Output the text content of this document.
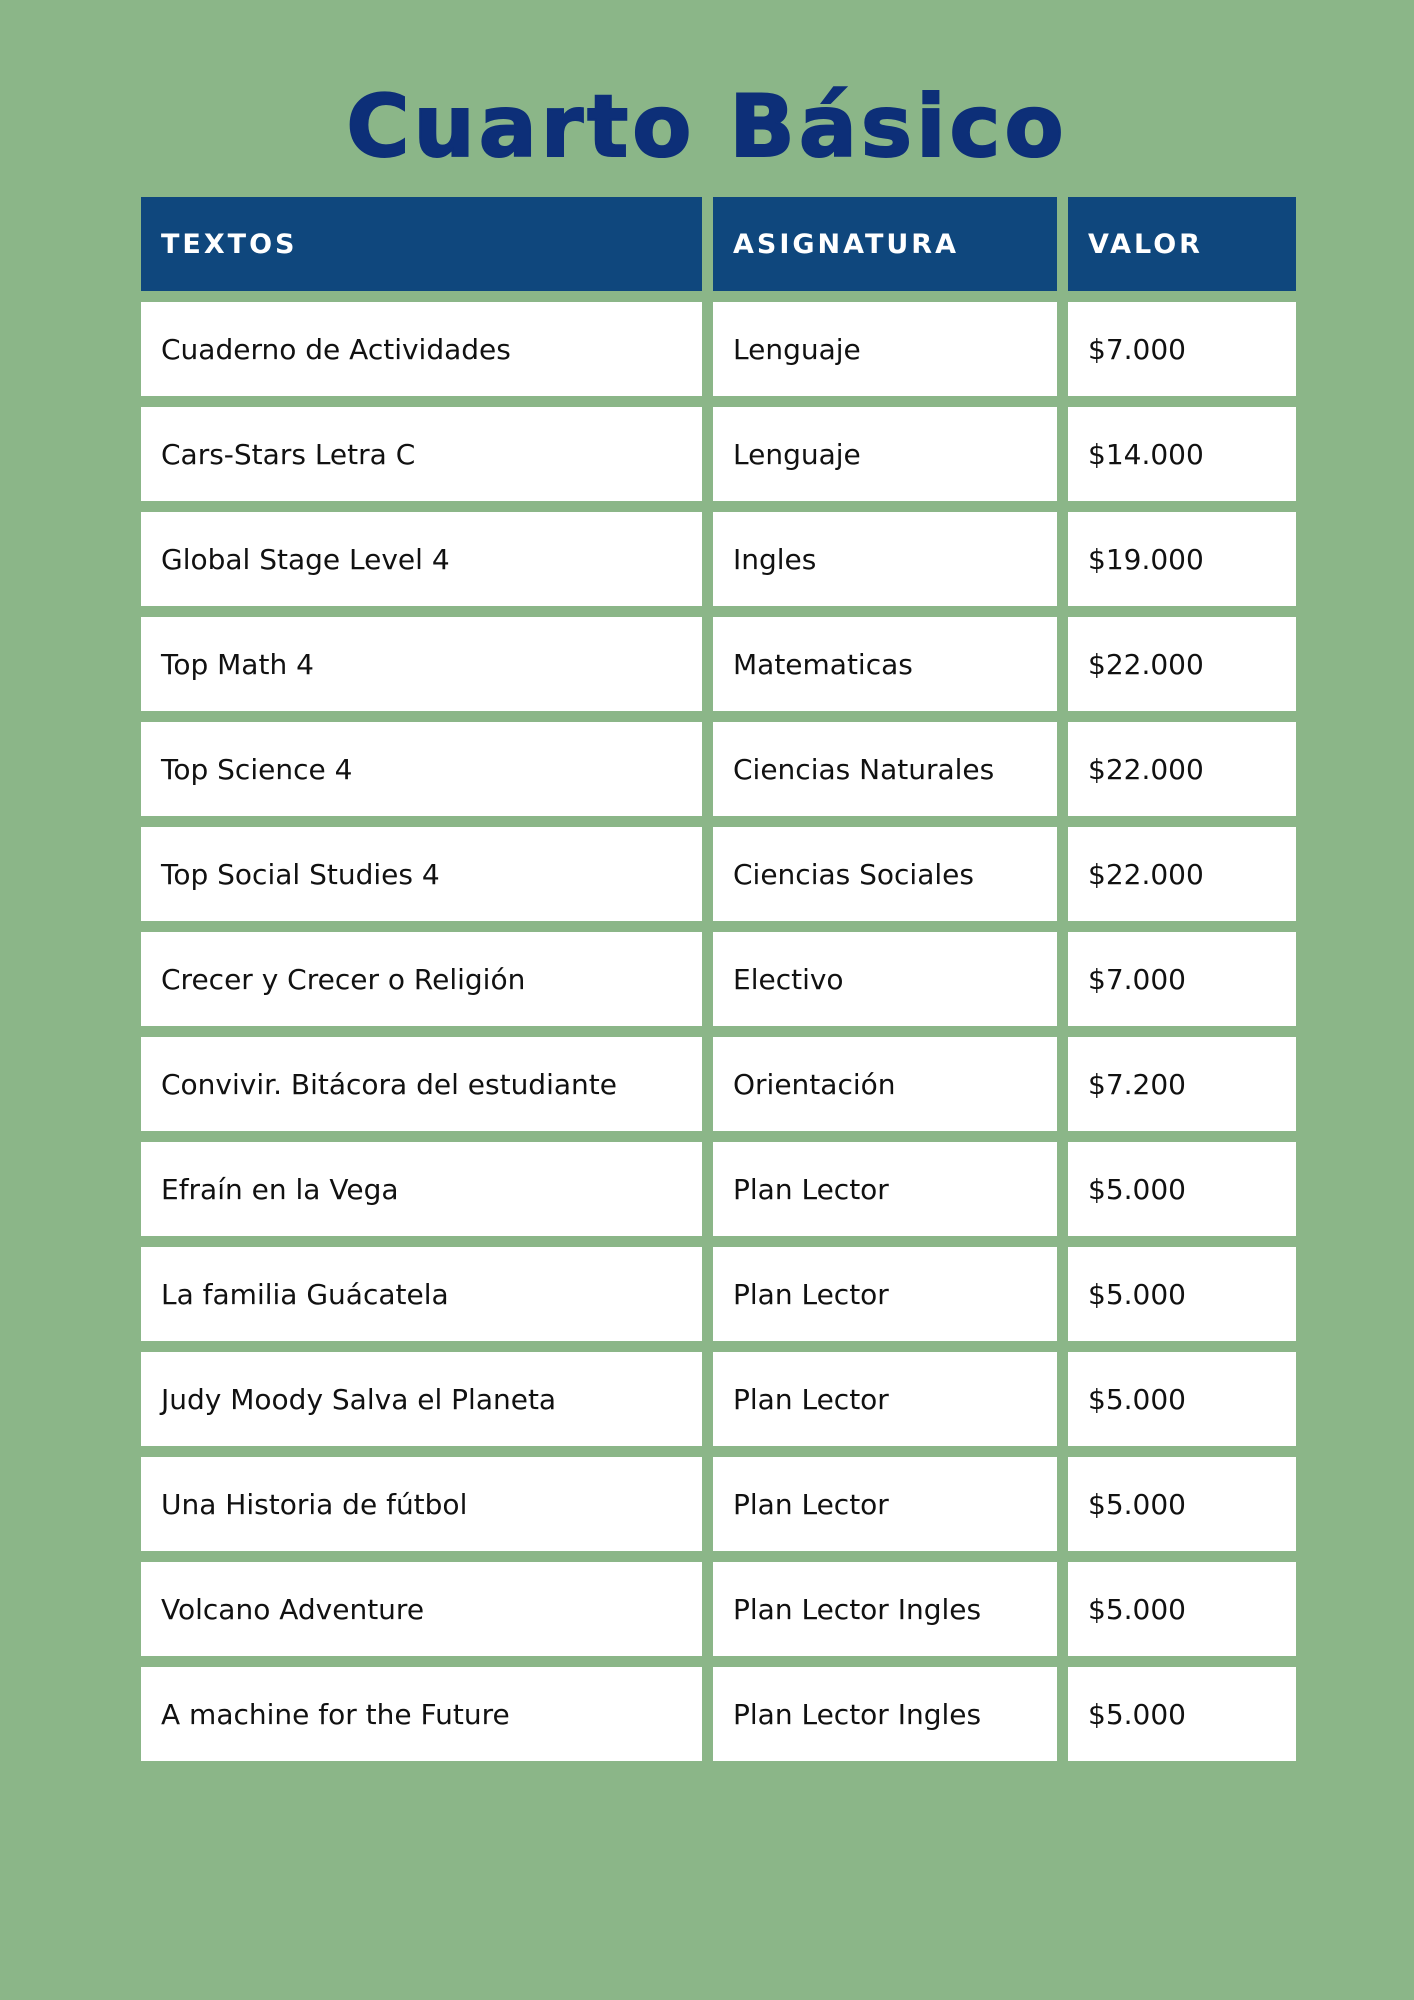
Cuarto Básico
TEXTOS	ASIGNATURA	VALOR
Cuaderno de Actividades	Lenguaje	$7.000
Cars-Stars Letra C	Lenguaje	$14.000
Global Stage Level 4	Ingles	$19.000
Top Math 4	Matematicas	$22.000
Top Science 4	Ciencias Naturales	$22.000
Top Social Studies 4	Ciencias Sociales	$22.000
Crecer y Crecer o Religión	Electivo	$7.000
Convivir. Bitácora del estudiante	Orientación	$7.200
Efraín en la Vega	Plan Lector	$5.000
La familia Guácatela	Plan Lector	$5.000
Judy Moody Salva el Planeta	Plan Lector	$5.000
Una Historia de fútbol	Plan Lector	$5.000
Volcano Adventure	Plan Lector Ingles	$5.000
A machine for the Future	Plan Lector Ingles	$5.000
